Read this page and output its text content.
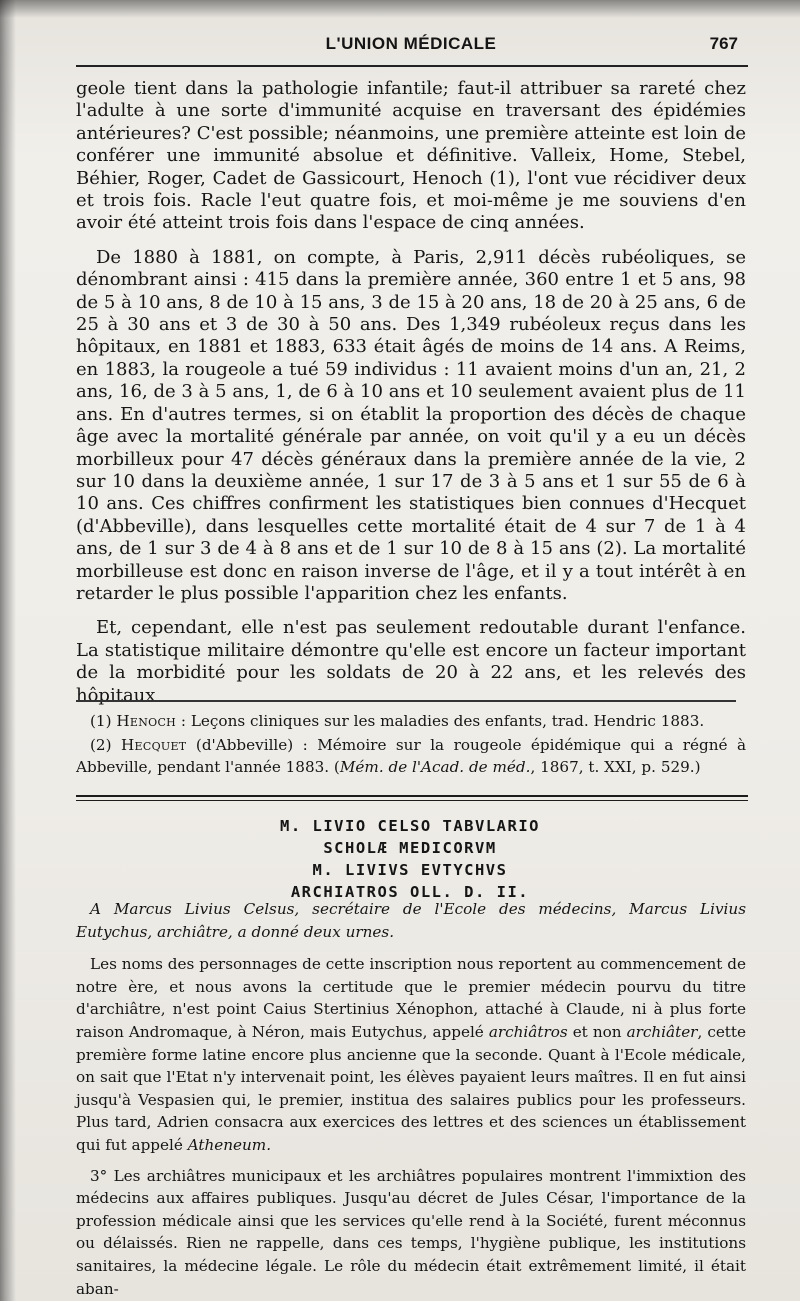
L'UNION MÉDICALE	767

geole tient dans la pathologie infantile; faut-il attribuer sa rareté chez l'adulte à une sorte d'immunité acquise en traversant des épidémies antérieures? C'est possible; néanmoins, une première atteinte est loin de conférer une immunité absolue et définitive. Valleix, Home, Stebel, Béhier, Roger, Cadet de Gassicourt, Henoch (1), l'ont vue récidiver deux et trois fois. Racle l'eut quatre fois, et moi-même je me souviens d'en avoir été atteint trois fois dans l'espace de cinq années.

De 1880 à 1881, on compte, à Paris, 2,911 décès rubéoliques, se dénombrant ainsi : 415 dans la première année, 360 entre 1 et 5 ans, 98 de 5 à 10 ans, 8 de 10 à 15 ans, 3 de 15 à 20 ans, 18 de 20 à 25 ans, 6 de 25 à 30 ans et 3 de 30 à 50 ans. Des 1,349 rubéoleux reçus dans les hôpitaux, en 1881 et 1883, 633 était âgés de moins de 14 ans. A Reims, en 1883, la rougeole a tué 59 individus : 11 avaient moins d'un an, 21, 2 ans, 16, de 3 à 5 ans, 1, de 6 à 10 ans et 10 seulement avaient plus de 11 ans. En d'autres termes, si on établit la proportion des décès de chaque âge avec la mortalité générale par année, on voit qu'il y a eu un décès morbilleux pour 47 décès généraux dans la première année de la vie, 2 sur 10 dans la deuxième année, 1 sur 17 de 3 à 5 ans et 1 sur 55 de 6 à 10 ans. Ces chiffres confirment les statistiques bien connues d'Hecquet (d'Abbeville), dans lesquelles cette mortalité était de 4 sur 7 de 1 à 4 ans, de 1 sur 3 de 4 à 8 ans et de 1 sur 10 de 8 à 15 ans (2). La mortalité morbilleuse est donc en raison inverse de l'âge, et il y a tout intérêt à en retarder le plus possible l'apparition chez les enfants.

Et, cependant, elle n'est pas seulement redoutable durant l'enfance. La statistique militaire démontre qu'elle est encore un facteur important de la morbidité pour les soldats de 20 à 22 ans, et les relevés des hôpitaux

(1) Henoch : Leçons cliniques sur les maladies des enfants, trad. Hendric 1883.

(2) Hecquet (d'Abbeville) : Mémoire sur la rougeole épidémique qui a régné à Abbeville, pendant l'année 1883. (Mém. de l'Acad. de méd., 1867, t. XXI, p. 529.)

M. LIVIO CELSO TABVLARIO
SCHOLÆ MEDICORVM
M. LIVIVS EVTYCHVS
ARCHIATROS OLL. D. II.

A Marcus Livius Celsus, secrétaire de l'Ecole des médecins, Marcus Livius Eutychus, archiâtre, a donné deux urnes.

Les noms des personnages de cette inscription nous reportent au commencement de notre ère, et nous avons la certitude que le premier médecin pourvu du titre d'archiâtre, n'est point Caius Stertinius Xénophon, attaché à Claude, ni à plus forte raison Andromaque, à Néron, mais Eutychus, appelé archiâtros et non archiâter, cette première forme latine encore plus ancienne que la seconde. Quant à l'Ecole médicale, on sait que l'Etat n'y intervenait point, les élèves payaient leurs maîtres. Il en fut ainsi jusqu'à Vespasien qui, le premier, institua des salaires publics pour les professeurs. Plus tard, Adrien consacra aux exercices des lettres et des sciences un établissement qui fut appelé Atheneum.

3° Les archiâtres municipaux et les archiâtres populaires montrent l'immixtion des médecins aux affaires publiques. Jusqu'au décret de Jules César, l'importance de la profession médicale ainsi que les services qu'elle rend à la Société, furent méconnus ou délaissés. Rien ne rappelle, dans ces temps, l'hygiène publique, les institutions sanitaires, la médecine légale. Le rôle du médecin était extrêmement limité, il était aban-
